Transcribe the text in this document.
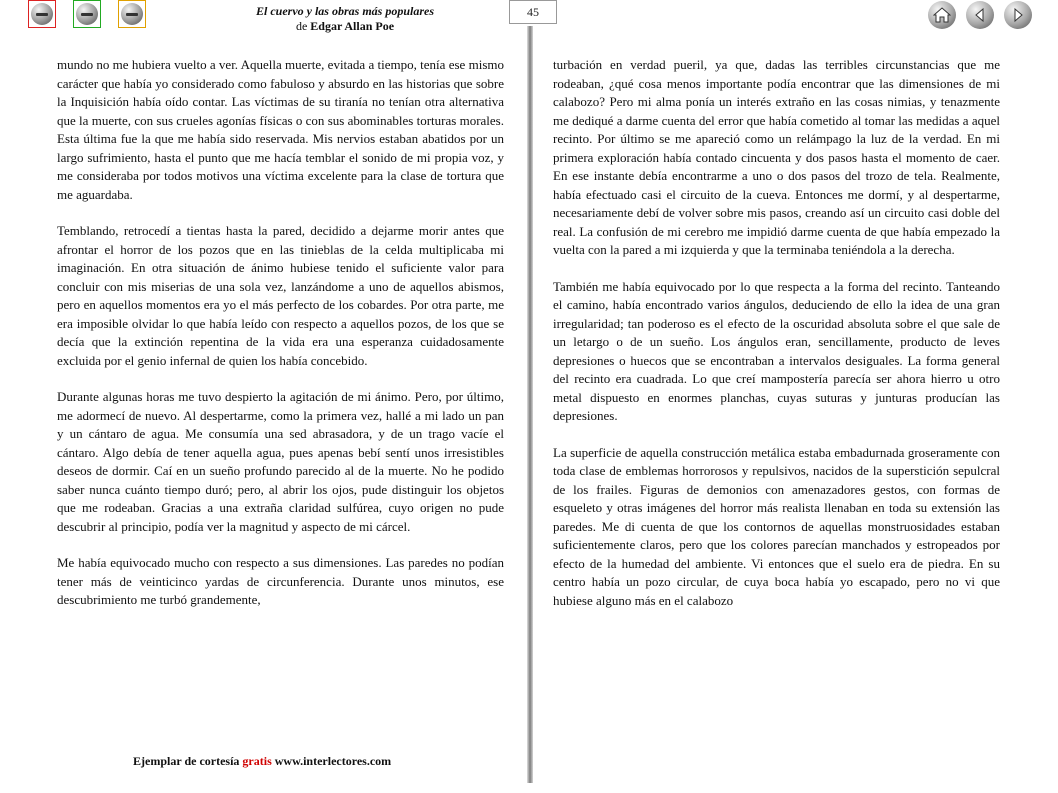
El cuervo y las obras más populares
de Edgar Allan Poe
45

mundo no me hubiera vuelto a ver. Aquella muerte, evitada a tiempo, tenía ese mismo carácter que había yo considerado como fabuloso y absurdo en las historias que sobre la Inquisición había oído contar. Las víctimas de su tiranía no tenían otra alternativa que la muerte, con sus crueles agonías físicas o con sus abominables torturas morales. Esta última fue la que me había sido reservada. Mis nervios estaban abatidos por un largo sufrimiento, hasta el punto que me hacía temblar el sonido de mi propia voz, y me consideraba por todos motivos una víctima excelente para la clase de tortura que me aguardaba.

Temblando, retrocedí a tientas hasta la pared, decidido a dejarme morir antes que afrontar el horror de los pozos que en las tinieblas de la celda multiplicaba mi imaginación. En otra situación de ánimo hubiese tenido el suficiente valor para concluir con mis miserias de una sola vez, lanzándome a uno de aquellos abismos, pero en aquellos momentos era yo el más perfecto de los cobardes. Por otra parte, me era imposible olvidar lo que había leído con respecto a aquellos pozos, de los que se decía que la extinción repentina de la vida era una esperanza cuidadosamente excluida por el genio infernal de quien los había concebido.

Durante algunas horas me tuvo despierto la agitación de mi ánimo. Pero, por último, me adormecí de nuevo. Al despertarme, como la primera vez, hallé a mi lado un pan y un cántaro de agua. Me consumía una sed abrasadora, y de un trago vacíe el cántaro. Algo debía de tener aquella agua, pues apenas bebí sentí unos irresistibles deseos de dormir. Caí en un sueño profundo parecido al de la muerte. No he podido saber nunca cuánto tiempo duró; pero, al abrir los ojos, pude distinguir los objetos que me rodeaban. Gracias a una extraña claridad sulfúrea, cuyo origen no pude descubrir al principio, podía ver la magnitud y aspecto de mi cárcel.

Me había equivocado mucho con respecto a sus dimensiones. Las paredes no podían tener más de veinticinco yardas de circunferencia. Durante unos minutos, ese descubrimiento me turbó grandemente,

turbación en verdad pueril, ya que, dadas las terribles circunstancias que me rodeaban, ¿qué cosa menos importante podía encontrar que las dimensiones de mi calabozo? Pero mi alma ponía un interés extraño en las cosas nimias, y tenazmente me dediqué a darme cuenta del error que había cometido al tomar las medidas a aquel recinto. Por último se me apareció como un relámpago la luz de la verdad. En mi primera exploración había contado cincuenta y dos pasos hasta el momento de caer. En ese instante debía encontrarme a uno o dos pasos del trozo de tela. Realmente, había efectuado casi el circuito de la cueva. Entonces me dormí, y al despertarme, necesariamente debí de volver sobre mis pasos, creando así un circuito casi doble del real. La confusión de mi cerebro me impidió darme cuenta de que había empezado la vuelta con la pared a mi izquierda y que la terminaba teniéndola a la derecha.

También me había equivocado por lo que respecta a la forma del recinto. Tanteando el camino, había encontrado varios ángulos, deduciendo de ello la idea de una gran irregularidad; tan poderoso es el efecto de la oscuridad absoluta sobre el que sale de un letargo o de un sueño. Los ángulos eran, sencillamente, producto de leves depresiones o huecos que se encontraban a intervalos desiguales. La forma general del recinto era cuadrada. Lo que creí mampostería parecía ser ahora hierro u otro metal dispuesto en enormes planchas, cuyas suturas y junturas producían las depresiones.

La superficie de aquella construcción metálica estaba embadurnada groseramente con toda clase de emblemas horrorosos y repulsivos, nacidos de la superstición sepulcral de los frailes. Figuras de demonios con amenazadores gestos, con formas de esqueleto y otras imágenes del horror más realista llenaban en toda su extensión las paredes. Me di cuenta de que los contornos de aquellas monstruosidades estaban suficientemente claros, pero que los colores parecían manchados y estropeados por efecto de la humedad del ambiente. Vi entonces que el suelo era de piedra. En su centro había un pozo circular, de cuya boca había yo escapado, pero no vi que hubiese alguno más en el calabozo

Ejemplar de cortesía gratis www.interlectores.com
